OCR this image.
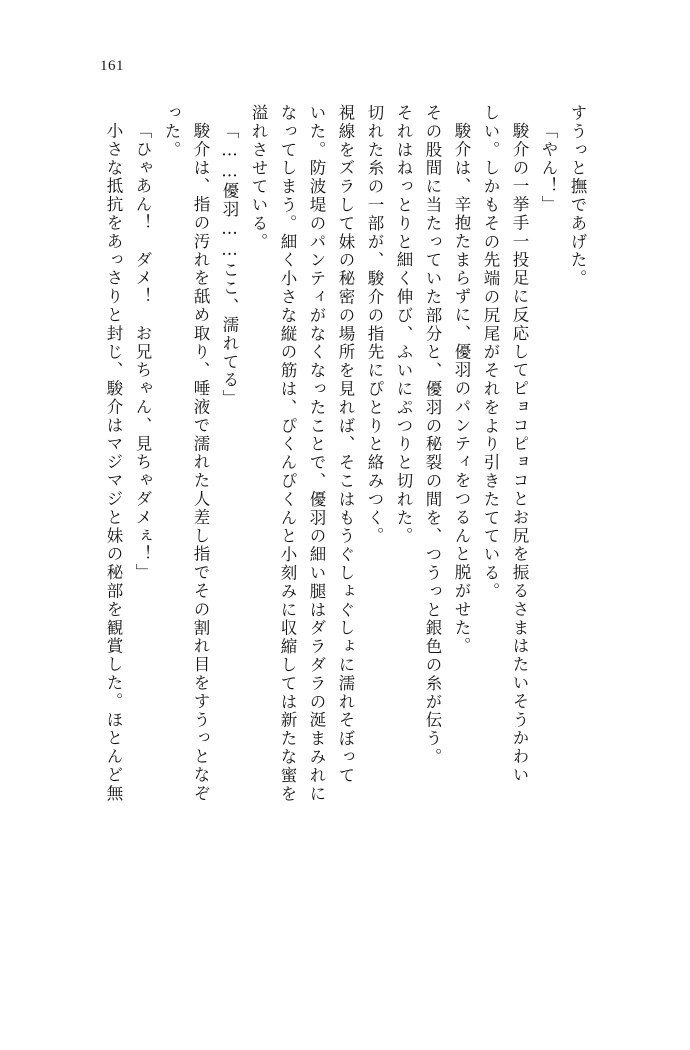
161
小さな抵抗をあっさりと封じ、駿介はマジマジと妹の秘部を観賞した。ほとんど無 「ひゃあん！　ダメ！　お兄ちゃん、見ちゃダメぇ！」 った。 駿介は、指の汚れを舐め取り、唾液で濡れた人差し指でその割れ目をすうっとなぞ 「……優羽……ここ、濡れてる」 溢れさせている。 なってしまう。細く小さな縦の筋は、ぴくんぴくんと小刻みに収縮しては新たな蜜を いた。防波堤のパンティがなくなったことで、優羽の細い腿はダラダラの涎まみれに 視線をズラして妹の秘密の場所を見れば、そこはもうぐしょぐしょに濡れそぼって 切れた糸の一部が、駿介の指先にぴとりと絡みつく。 それはねっとりと細く伸び、ふいにぷつりと切れた。 その股間に当たっていた部分と、優羽の秘裂の間を、つうっと銀色の糸が伝う。 駿介は、辛抱たまらずに、優羽のパンティをつるんと脱がせた。 しい。しかもその先端の尻尾がそれをより引きたてている。 駿介の一挙手一投足に反応してピョコピョコとお尻を振るさまはたいそうかわい 「やん！」 すうっと撫であげた。
